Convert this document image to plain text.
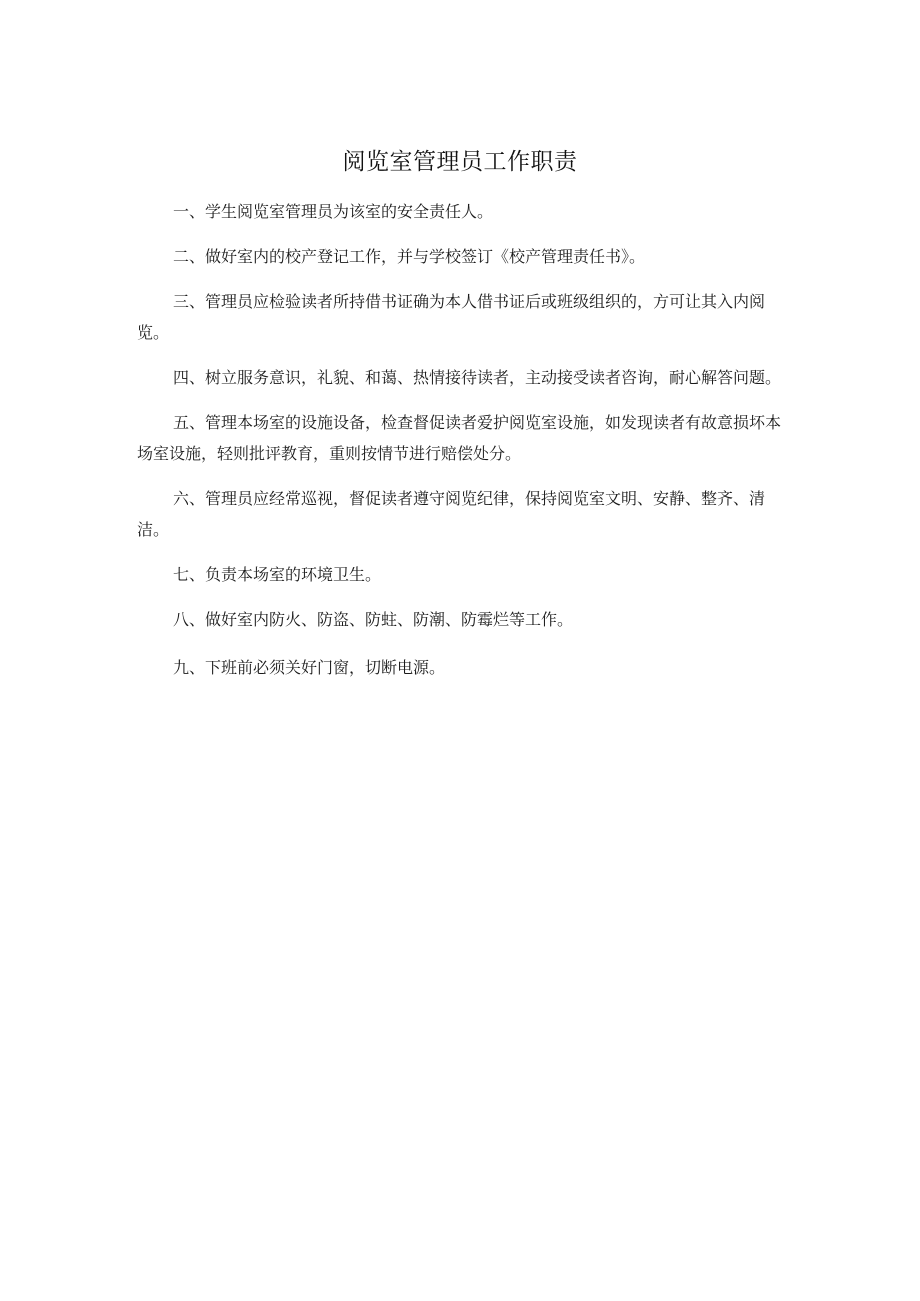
阅览室管理员工作职责

一、学生阅览室管理员为该室的安全责任人。

二、做好室内的校产登记工作，并与学校签订《校产管理责任书》。

三、管理员应检验读者所持借书证确为本人借书证后或班级组织的，方可让其入内阅览。

四、树立服务意识，礼貌、和蔼、热情接待读者，主动接受读者咨询，耐心解答问题。

五、管理本场室的设施设备，检查督促读者爱护阅览室设施，如发现读者有故意损坏本场室设施，轻则批评教育，重则按情节进行赔偿处分。

六、管理员应经常巡视，督促读者遵守阅览纪律，保持阅览室文明、安静、整齐、清洁。

七、负责本场室的环境卫生。

八、做好室内防火、防盗、防蛀、防潮、防霉烂等工作。

九、下班前必须关好门窗，切断电源。
